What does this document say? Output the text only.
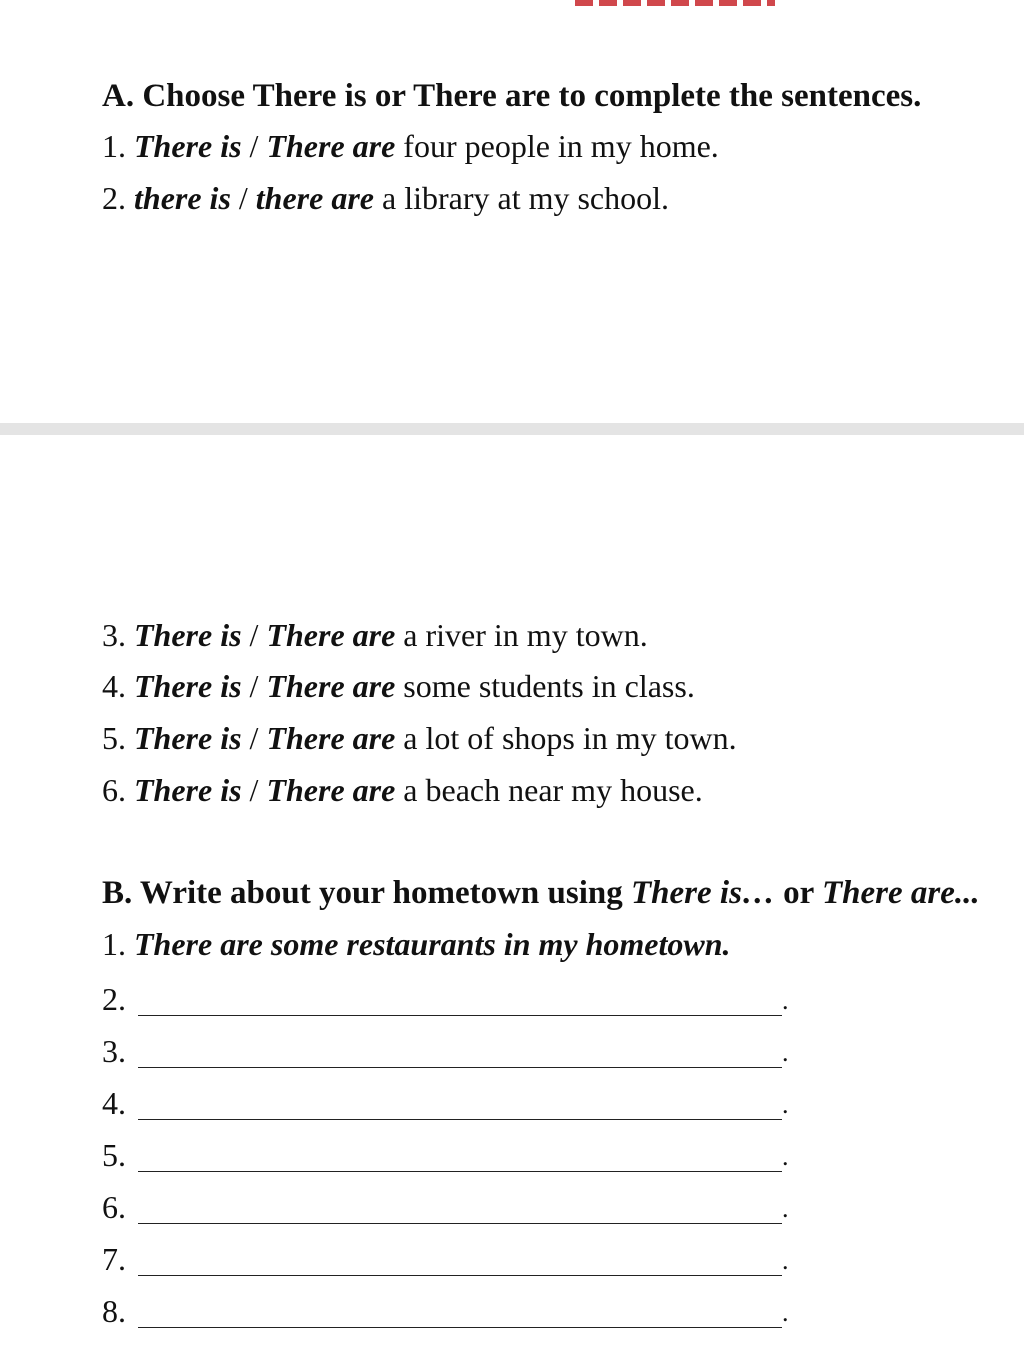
A. Choose There is or There are to complete the sentences.
1. There is / There are four people in my home.
2. there is / there are a library at my school.
3. There is / There are a river in my town.
4. There is / There are some students in class.
5. There is / There are a lot of shops in my town.
6. There is / There are a beach near my house.
B. Write about your hometown using There is… or There are...
1. There are some restaurants in my hometown.
2.	.
3.	.
4.	.
5.	.
6.	.
7.	.
8.	.
